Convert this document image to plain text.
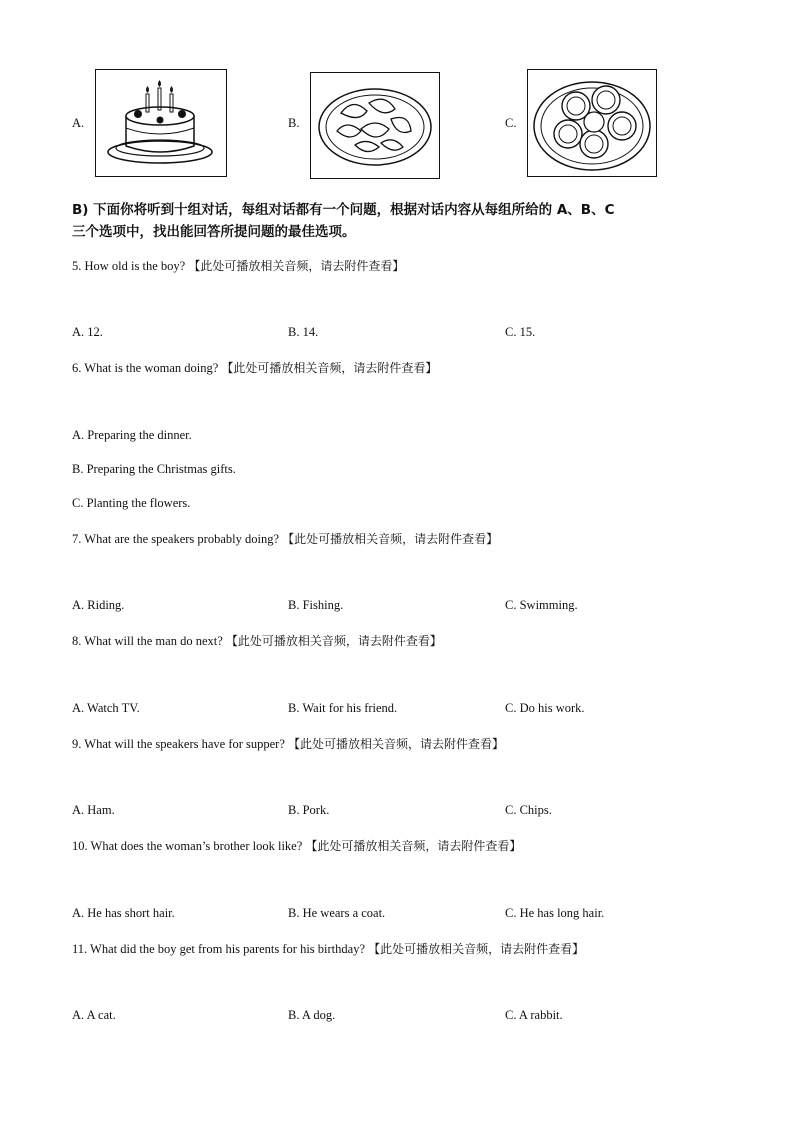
A.	B.	C.
B) 下面你将听到十组对话，每组对话都有一个问题，根据对话内容从每组所给的 A、B、C
三个选项中，找出能回答所提问题的最佳选项。
5. How old is the boy? 【此处可播放相关音频，请去附件查看】
A. 12.	B. 14.	C. 15.
6. What is the woman doing? 【此处可播放相关音频，请去附件查看】
A. Preparing the dinner.
B. Preparing the Christmas gifts.
C. Planting the flowers.
7. What are the speakers probably doing? 【此处可播放相关音频，请去附件查看】
A. Riding.	B. Fishing.	C. Swimming.
8. What will the man do next? 【此处可播放相关音频，请去附件查看】
A. Watch TV.	B. Wait for his friend.	C. Do his work.
9. What will the speakers have for supper? 【此处可播放相关音频，请去附件查看】
A. Ham.	B. Pork.	C. Chips.
10. What does the woman’s brother look like? 【此处可播放相关音频，请去附件查看】
A. He has short hair.	B. He wears a coat.	C. He has long hair.
11. What did the boy get from his parents for his birthday? 【此处可播放相关音频，请去附件查看】
A. A cat.	B. A dog.	C. A rabbit.
